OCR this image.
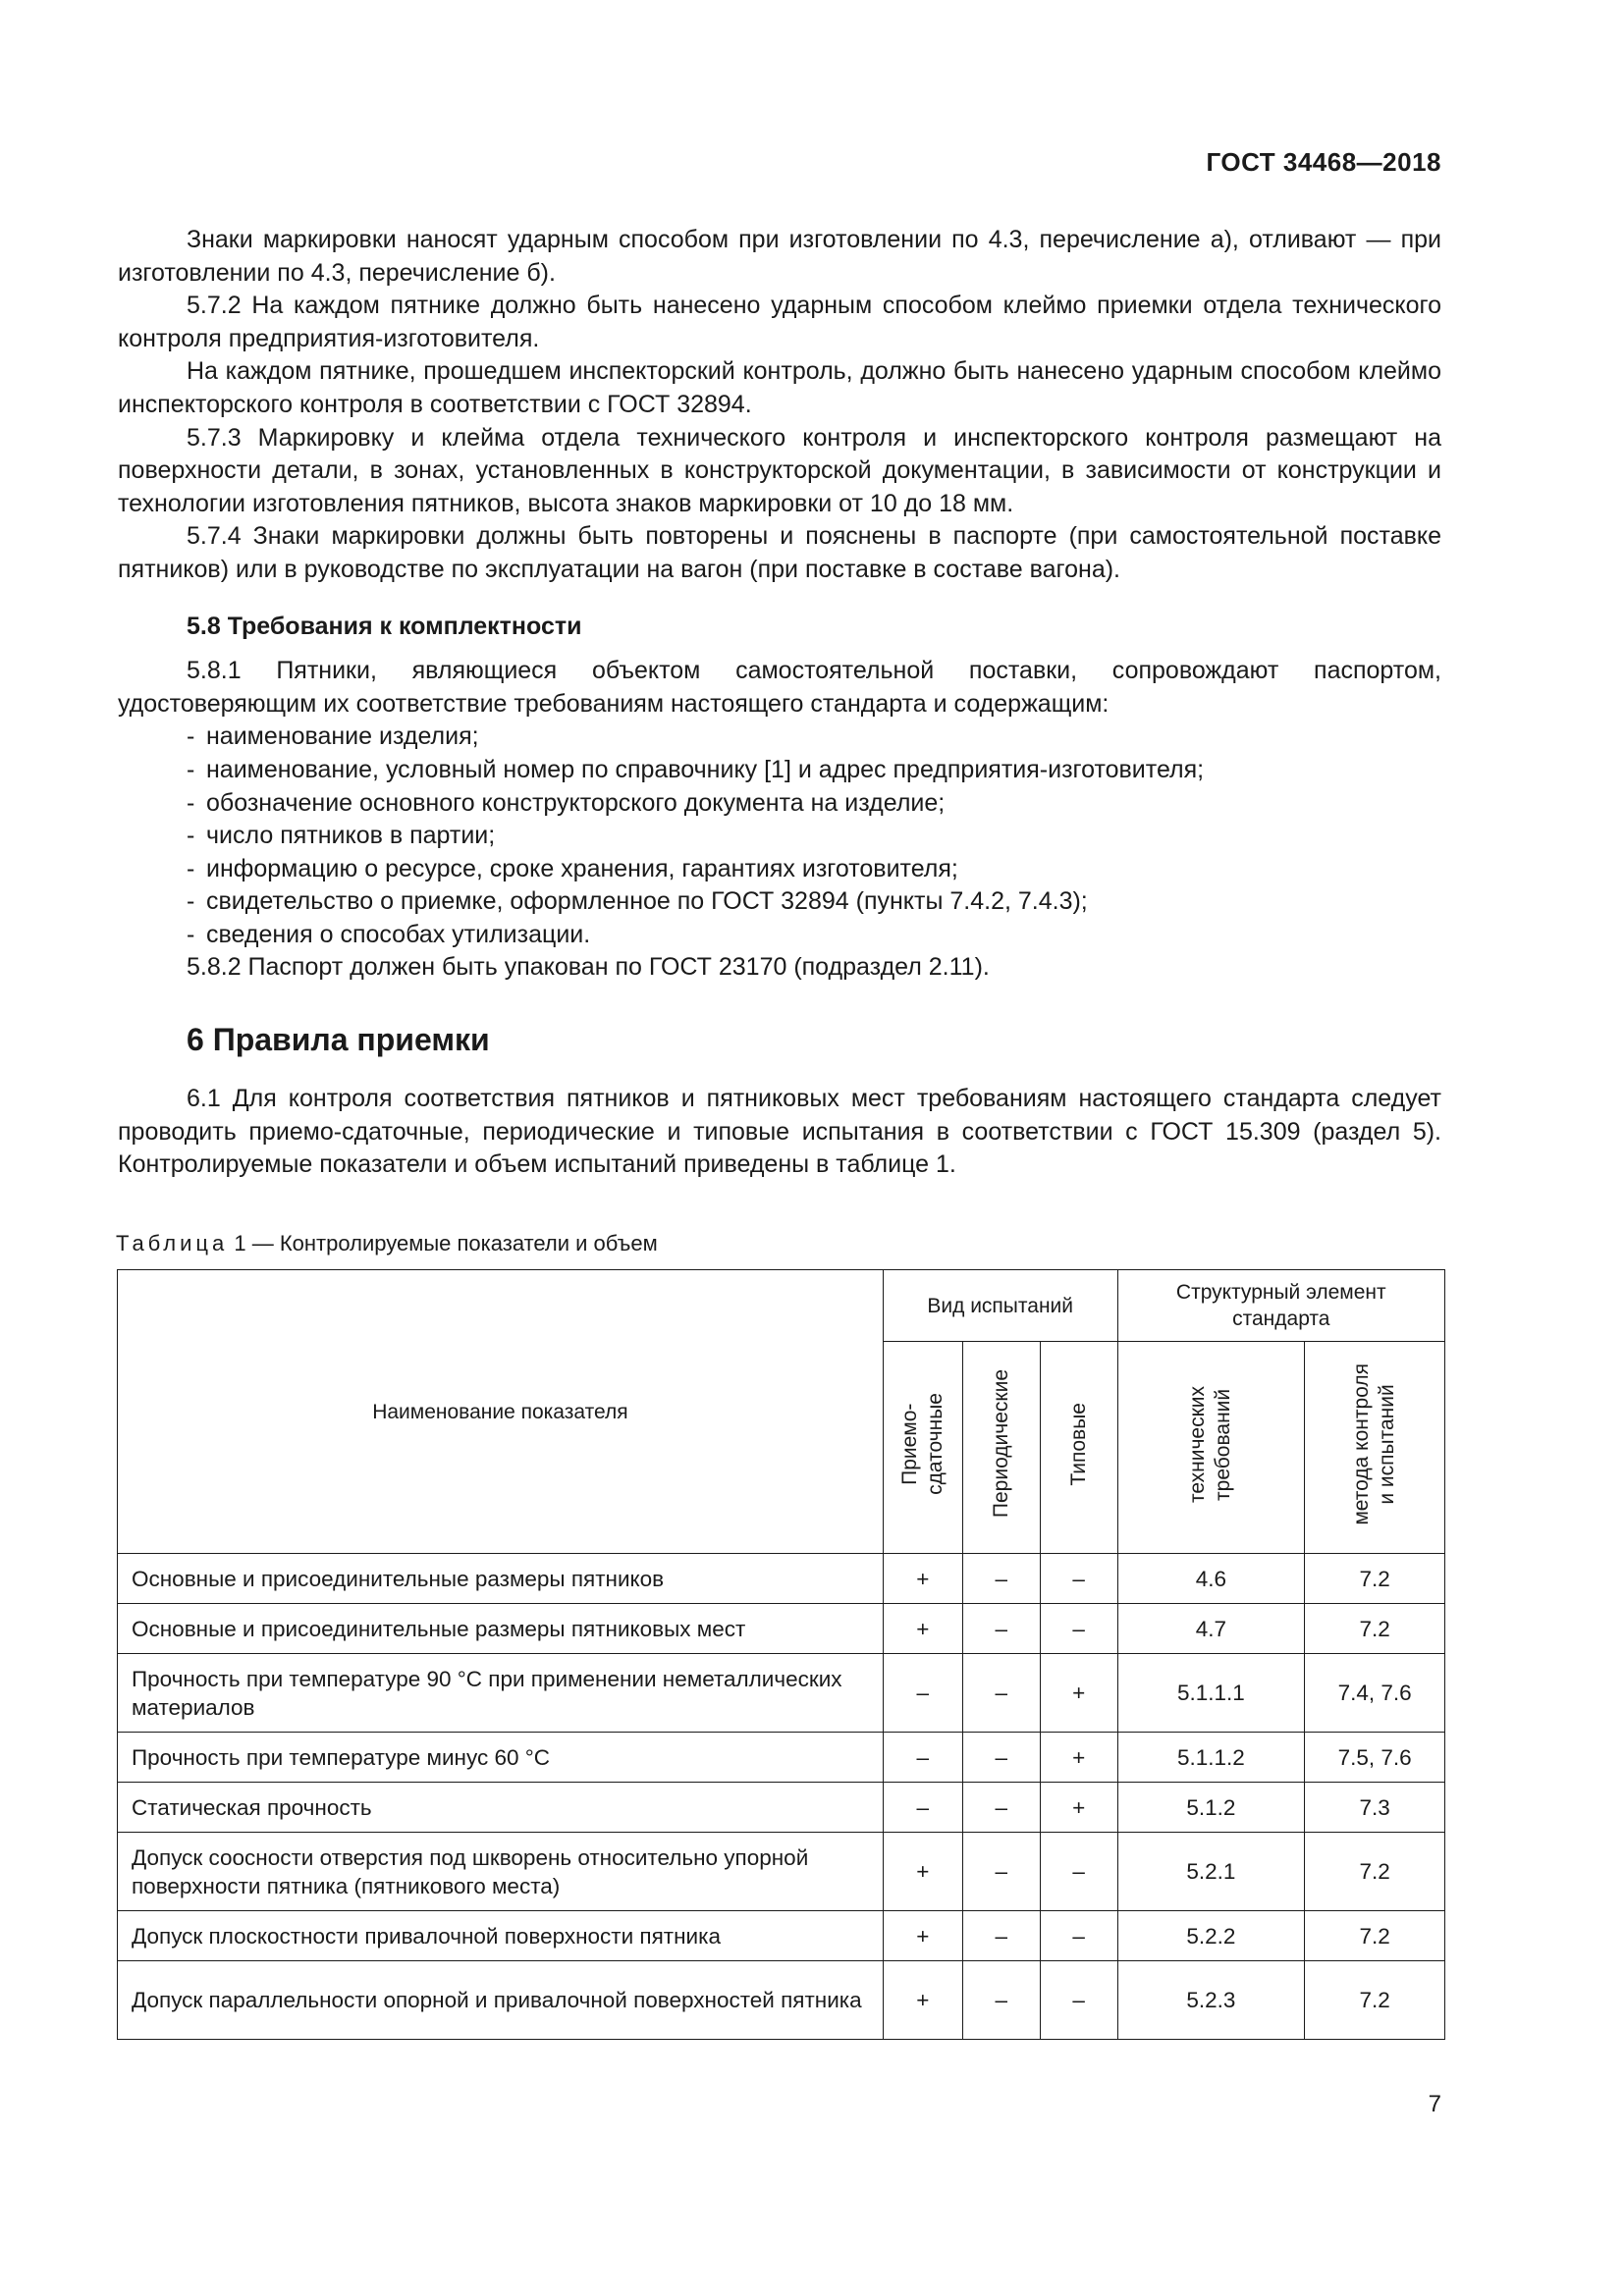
ГОСТ 34468—2018

Знаки маркировки наносят ударным способом при изготовлении по 4.3, перечисление а), отливают — при изготовлении по 4.3, перечисление б).

5.7.2 На каждом пятнике должно быть нанесено ударным способом клеймо приемки отдела технического контроля предприятия-изготовителя.

На каждом пятнике, прошедшем инспекторский контроль, должно быть нанесено ударным способом клеймо инспекторского контроля в соответствии с ГОСТ 32894.

5.7.3 Маркировку и клейма отдела технического контроля и инспекторского контроля размещают на поверхности детали, в зонах, установленных в конструкторской документации, в зависимости от конструкции и технологии изготовления пятников, высота знаков маркировки от 10 до 18 мм.

5.7.4 Знаки маркировки должны быть повторены и пояснены в паспорте (при самостоятельной поставке пятников) или в руководстве по эксплуатации на вагон (при поставке в составе вагона).

5.8 Требования к комплектности

5.8.1 Пятники, являющиеся объектом самостоятельной поставки, сопровождают паспортом, удостоверяющим их соответствие требованиям настоящего стандарта и содержащим:

- наименование изделия;
- наименование, условный номер по справочнику [1] и адрес предприятия-изготовителя;
- обозначение основного конструкторского документа на изделие;
- число пятников в партии;
- информацию о ресурсе, сроке хранения, гарантиях изготовителя;
- свидетельство о приемке, оформленное по ГОСТ 32894 (пункты 7.4.2, 7.4.3);
- сведения о способах утилизации.

5.8.2 Паспорт должен быть упакован по ГОСТ 23170 (подраздел 2.11).

6 Правила приемки

6.1 Для контроля соответствия пятников и пятниковых мест требованиям настоящего стандарта следует проводить приемо-сдаточные, периодические и типовые испытания в соответствии с ГОСТ 15.309 (раздел 5). Контролируемые показатели и объем испытаний приведены в таблице 1.

Таблица 1 — Контролируемые показатели и объем
Наименование показателя	Вид испытаний			Структурный элемент стандарта	
	Приемо- сдаточные	Периодические	Типовые	технических требований	метода контроля и испытаний
Основные и присоединительные размеры пятников	+	–	–	4.6	7.2
Основные и присоединительные размеры пятниковых мест	+	–	–	4.7	7.2
Прочность при температуре 90 °С при применении неметаллических материалов	–	–	+	5.1.1.1	7.4, 7.6
Прочность при температуре минус 60 °С	–	–	+	5.1.1.2	7.5, 7.6
Статическая прочность	–	–	+	5.1.2	7.3
Допуск соосности отверстия под шкворень относительно упорной поверхности пятника (пятникового места)	+	–	–	5.2.1	7.2
Допуск плоскостности привалочной поверхности пятника	+	–	–	5.2.2	7.2
Допуск параллельности опорной и привалочной поверхностей пятника	+	–	–	5.2.3	7.2
7
